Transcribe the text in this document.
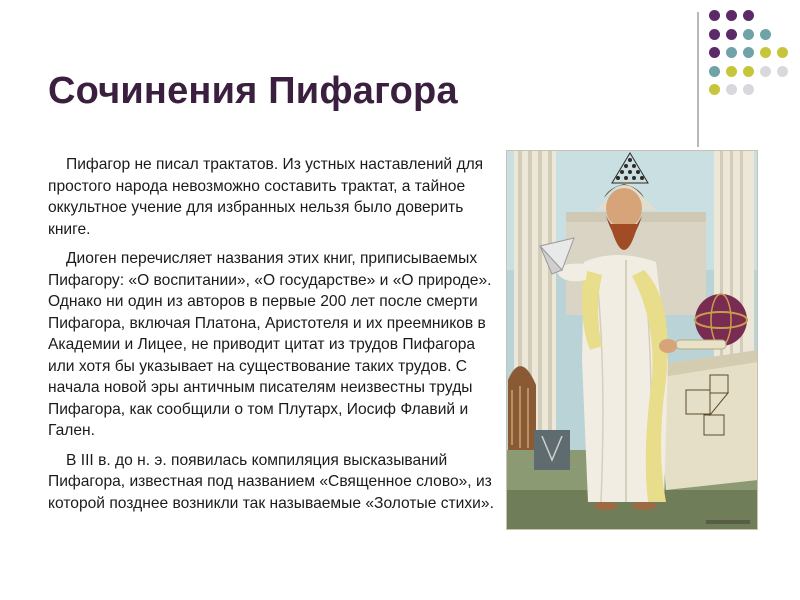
Сочинения Пифагора

Пифагор не писал трактатов. Из устных наставлений для простого народа невозможно составить трактат, а тайное оккультное учение для избранных нельзя было доверить книге.

Диоген перечисляет названия этих книг, приписываемых Пифагору: «О воспитании», «О государстве» и «О природе». Однако ни один из авторов в первые 200 лет после смерти Пифагора, включая Платона, Аристотеля и их преемников в Академии и Лицее, не приводит цитат из трудов Пифагора или хотя бы указывает на существование таких трудов. С начала новой эры античным писателям неизвестны труды Пифагора, как сообщили о том Плутарх, Иосиф Флавий и Гален.

В III в. до н. э. появилась компиляция высказываний Пифагора, известная под названием «Священное слово», из которой позднее возникли так называемые «Золотые стихи».
